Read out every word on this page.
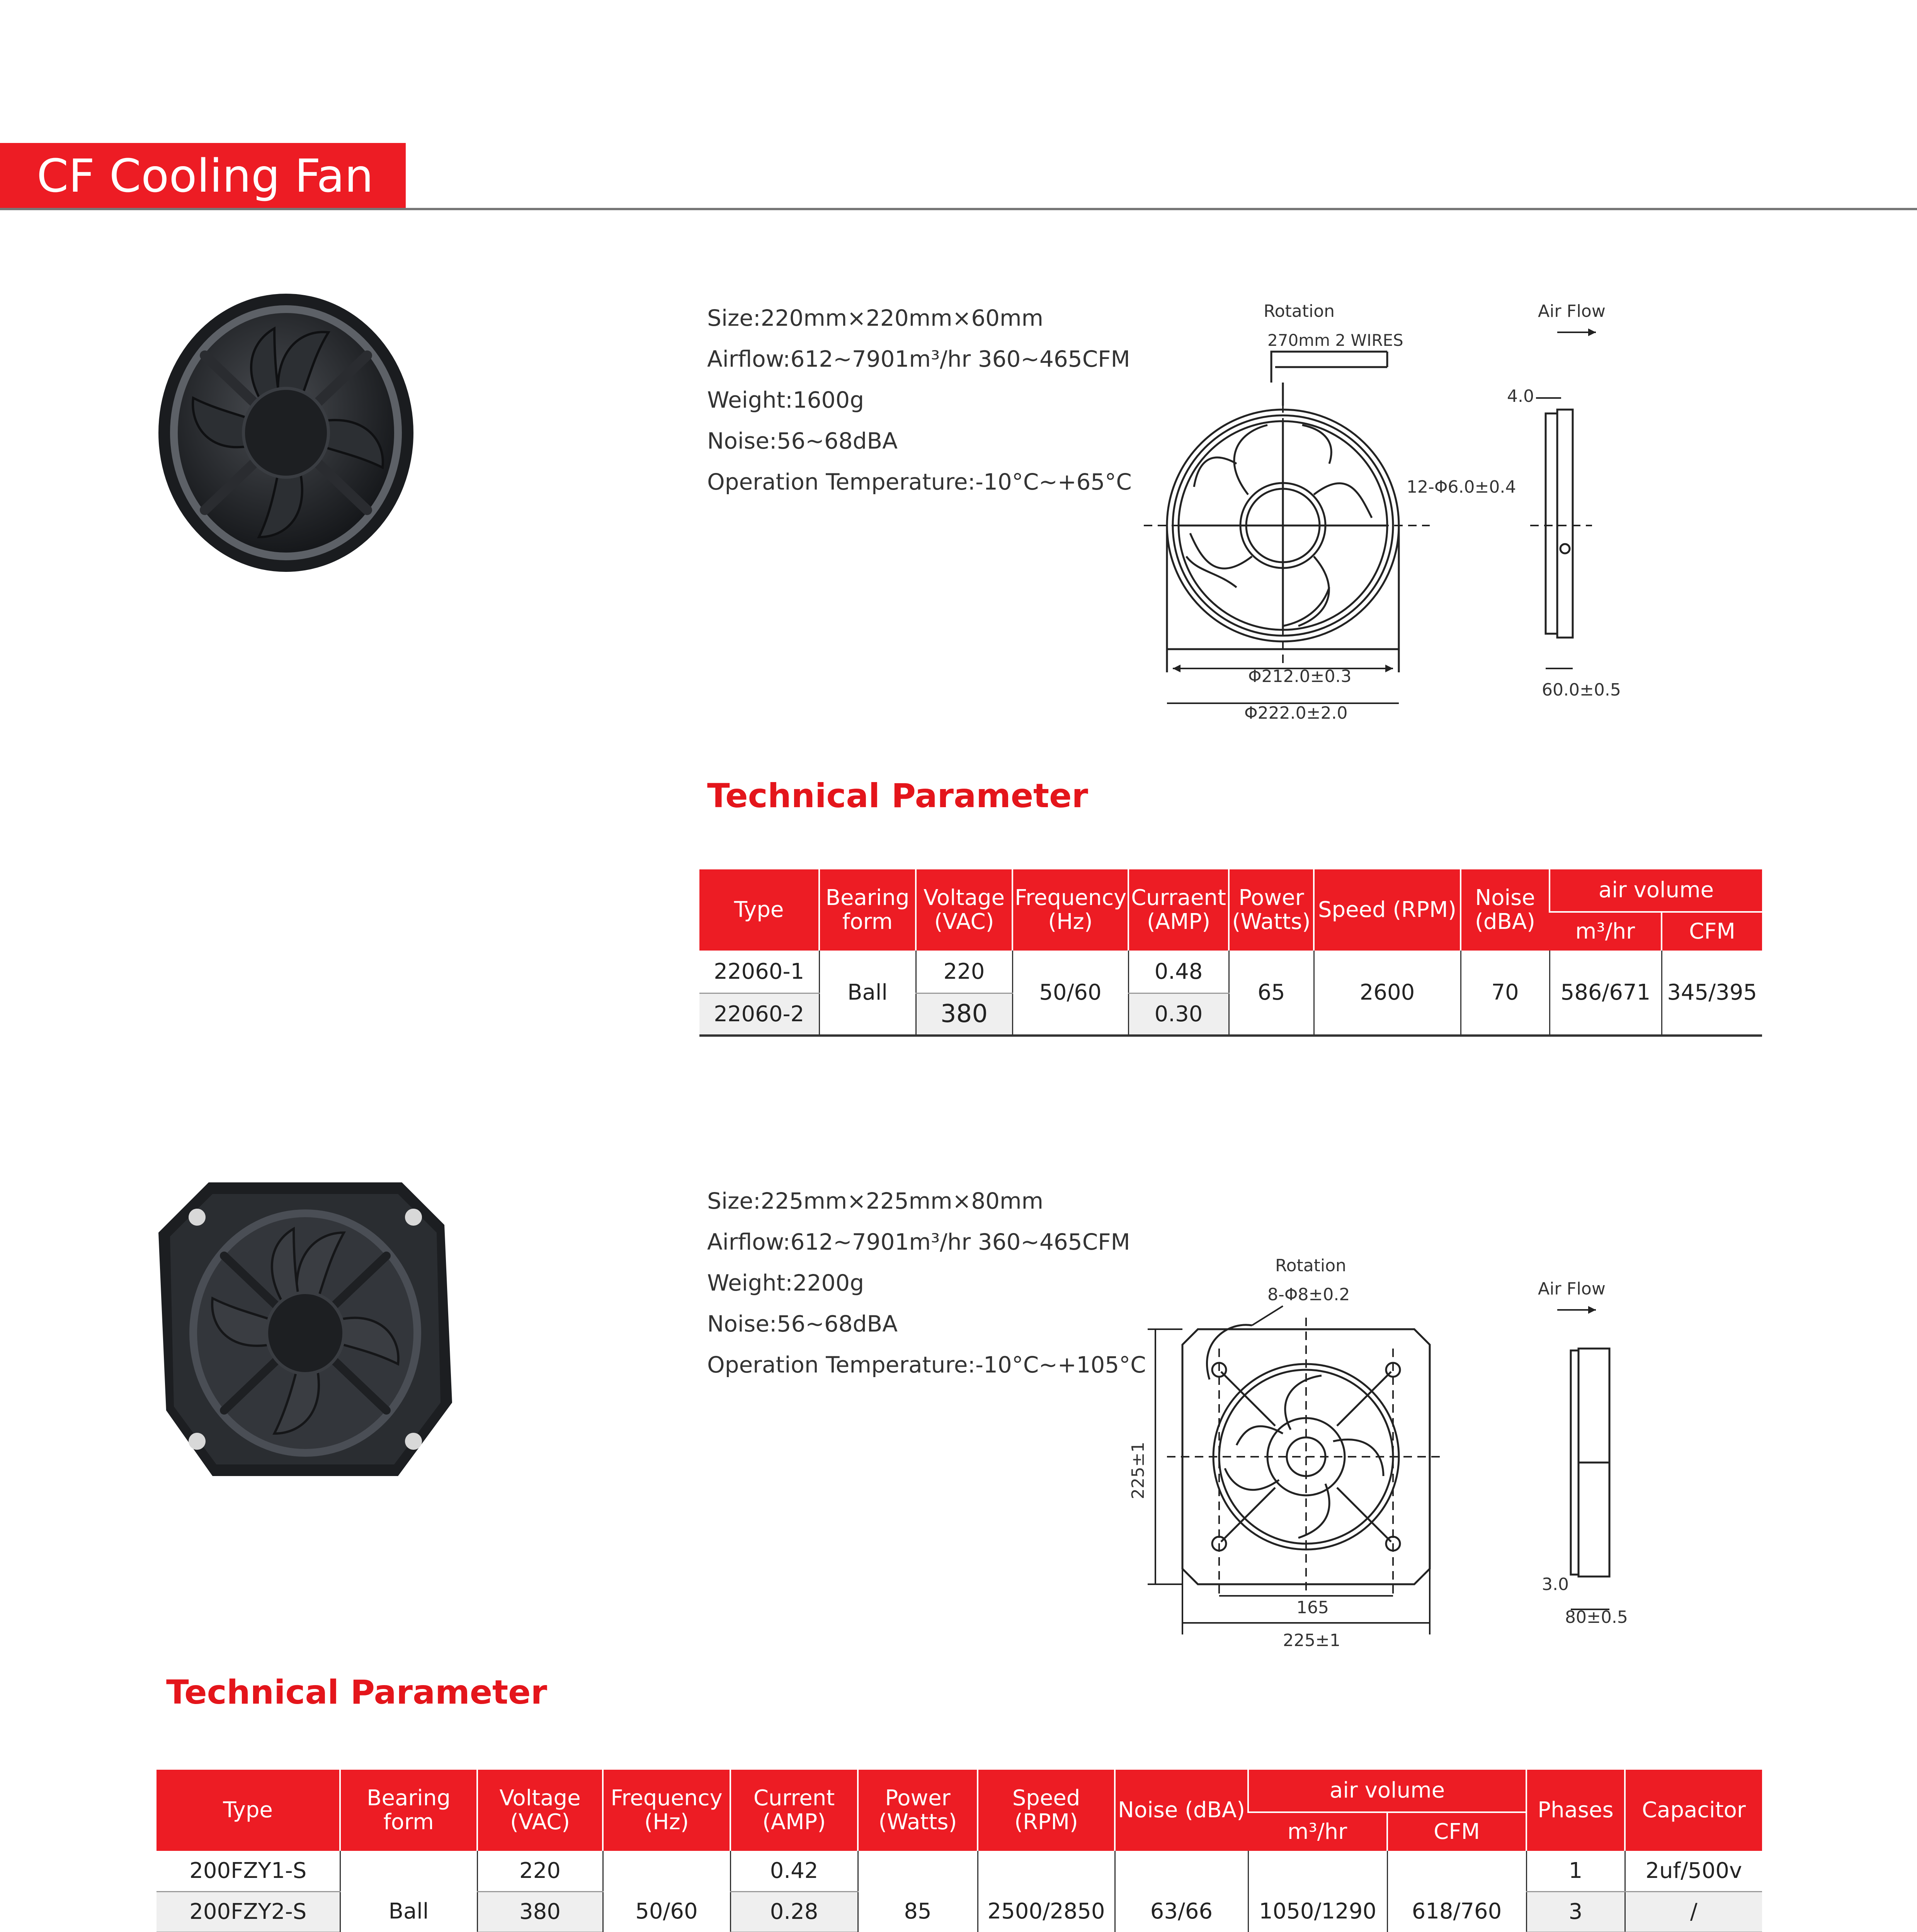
CF Cooling Fan
Size:220mm×220mm×60mm
Airflow:612~7901m³/hr 360~465CFM
Weight:1600g
Noise:56~68dBA
Operation Temperature:-10°C~+65°C
Rotation
270mm 2 WIRES
Air Flow
12-Φ6.0±0.4
Φ212.0±0.3
Φ222.0±2.0
4.0
60.0±0.5
Technical Parameter
Type	Bearing form	Voltage (VAC)	Frequency (Hz)	Curraent (AMP)	Power (Watts)	Speed (RPM)	Noise (dBA)	air volume	
								m³/hr	CFM
22060-1	Ball	220	50/60	0.48	65	2600	70	586/671	345/395
22060-2		380		0.30					
Size:225mm×225mm×80mm
Airflow:612~7901m³/hr 360~465CFM
Weight:2200g
Noise:56~68dBA
Operation Temperature:-10°C~+105°C
Rotation
8-Φ8±0.2	Air Flow
225±1
165
225±1
3.0
80±0.5
Technical Parameter
Type	Bearing form	Voltage (VAC)	Frequency (Hz)	Current (AMP)	Power (Watts)	Speed (RPM)	Noise (dBA)	air volume		Phases	Capacitor
								m³/hr	CFM		
200FZY1-S	Ball	220	50/60	0.42	85	2500/2850	63/66	1050/1290	618/760	1	2uf/500v
200FZY2-S		380		0.28						3	/
